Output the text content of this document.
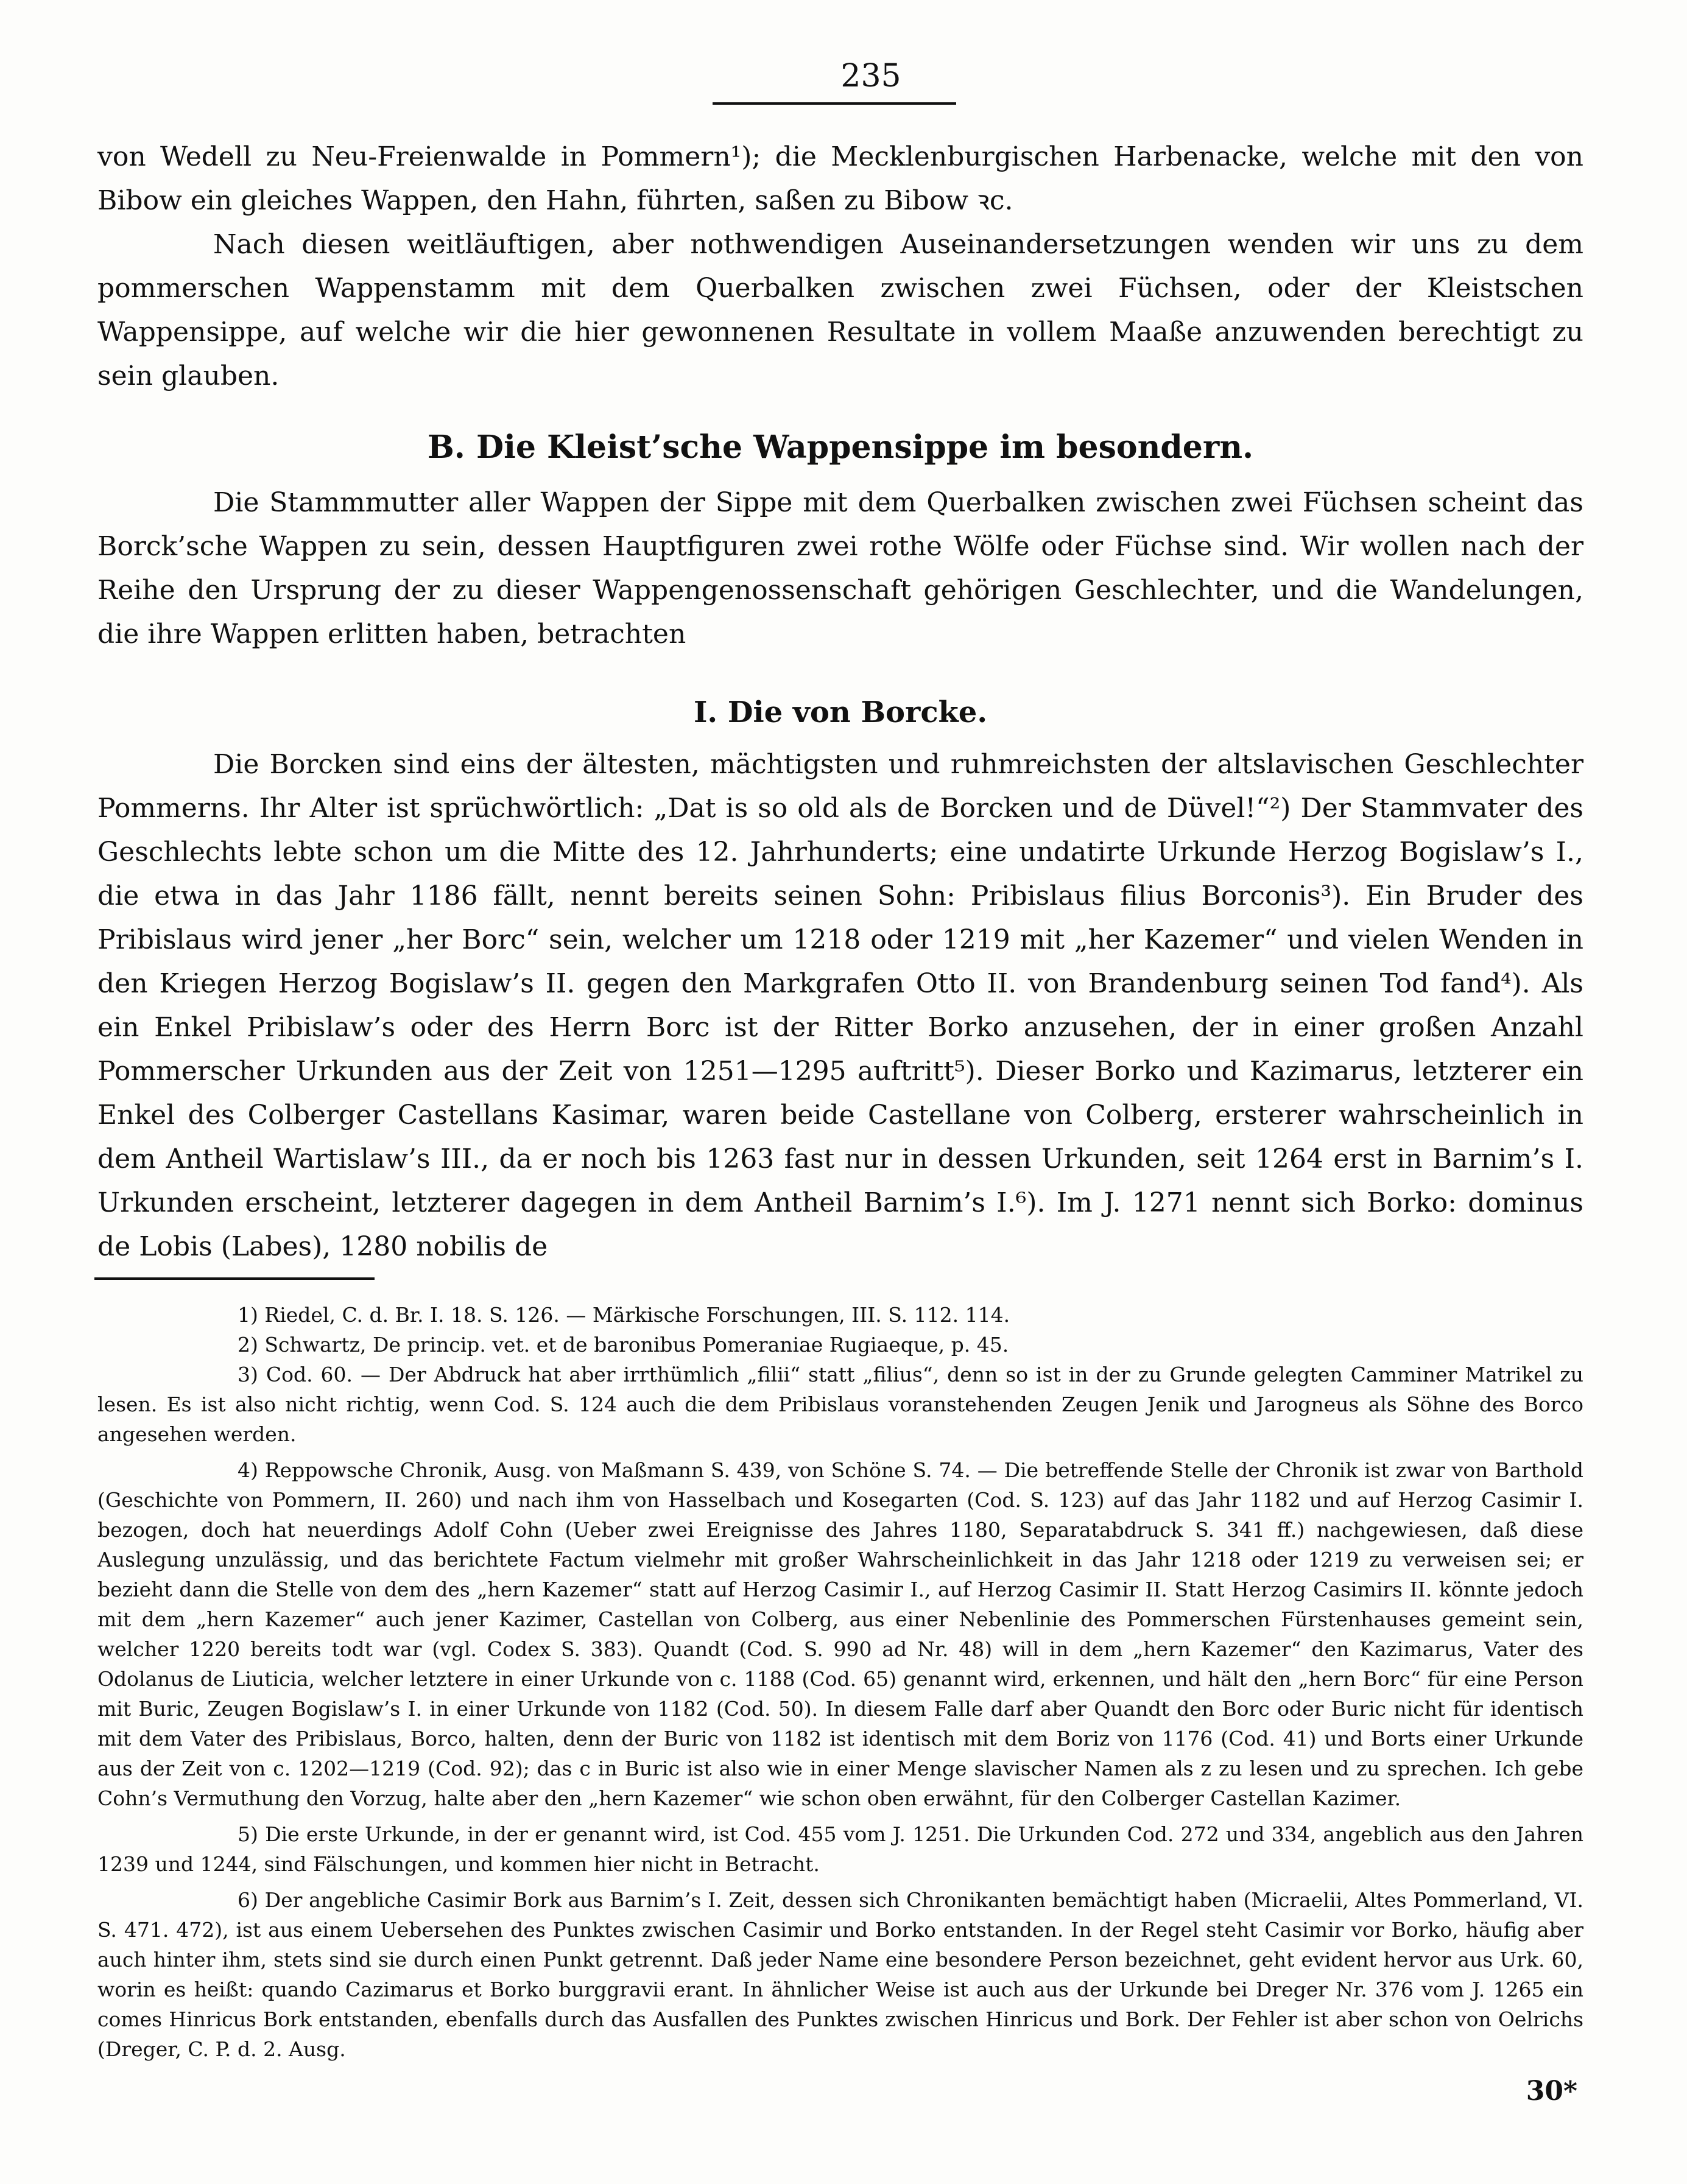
235

von Wedell zu Neu-Freienwalde in Pommern¹); die Mecklenburgischen Harbenacke, welche mit den von Bibow ein gleiches Wappen, den Hahn, führten, saßen zu Bibow ꝛc.

Nach diesen weitläuftigen, aber nothwendigen Auseinandersetzungen wenden wir uns zu dem pommerschen Wappenstamm mit dem Querbalken zwischen zwei Füchsen, oder der Kleistschen Wappensippe, auf welche wir die hier gewonnenen Resultate in vollem Maaße anzuwenden berechtigt zu sein glauben.

B. Die Kleist’sche Wappensippe im besondern.

Die Stammmutter aller Wappen der Sippe mit dem Querbalken zwischen zwei Füchsen scheint das Borck’sche Wappen zu sein, dessen Hauptfiguren zwei rothe Wölfe oder Füchse sind. Wir wollen nach der Reihe den Ursprung der zu dieser Wappengenossenschaft gehörigen Geschlechter, und die Wandelungen, die ihre Wappen erlitten haben, betrachten

I. Die von Borcke.

Die Borcken sind eins der ältesten, mächtigsten und ruhmreichsten der altslavischen Geschlechter Pommerns. Ihr Alter ist sprüchwörtlich: „Dat is so old als de Borcken und de Düvel!“²) Der Stammvater des Geschlechts lebte schon um die Mitte des 12. Jahrhunderts; eine undatirte Urkunde Herzog Bogislaw’s I., die etwa in das Jahr 1186 fällt, nennt bereits seinen Sohn: Pribislaus filius Borconis³). Ein Bruder des Pribislaus wird jener „her Borc“ sein, welcher um 1218 oder 1219 mit „her Kazemer“ und vielen Wenden in den Kriegen Herzog Bogislaw’s II. gegen den Markgrafen Otto II. von Brandenburg seinen Tod fand⁴). Als ein Enkel Pribislaw’s oder des Herrn Borc ist der Ritter Borko anzusehen, der in einer großen Anzahl Pommerscher Urkunden aus der Zeit von 1251—1295 auftritt⁵). Dieser Borko und Kazimarus, letzterer ein Enkel des Colberger Castellans Kasimar, waren beide Castellane von Colberg, ersterer wahrscheinlich in dem Antheil Wartislaw’s III., da er noch bis 1263 fast nur in dessen Urkunden, seit 1264 erst in Barnim’s I. Urkunden erscheint, letzterer dagegen in dem Antheil Barnim’s I.⁶). Im J. 1271 nennt sich Borko: dominus de Lobis (Labes), 1280 nobilis de

1) Riedel, C. d. Br. I. 18. S. 126. — Märkische Forschungen, III. S. 112. 114.

2) Schwartz, De princip. vet. et de baronibus Pomeraniae Rugiaeque, p. 45.

3) Cod. 60. — Der Abdruck hat aber irrthümlich „filii“ statt „filius“, denn so ist in der zu Grunde gelegten Camminer Matrikel zu lesen. Es ist also nicht richtig, wenn Cod. S. 124 auch die dem Pribislaus voranstehenden Zeugen Jenik und Jarogneus als Söhne des Borco angesehen werden.

4) Reppowsche Chronik, Ausg. von Maßmann S. 439, von Schöne S. 74. — Die betreffende Stelle der Chronik ist zwar von Barthold (Geschichte von Pommern, II. 260) und nach ihm von Hasselbach und Kosegarten (Cod. S. 123) auf das Jahr 1182 und auf Herzog Casimir I. bezogen, doch hat neuerdings Adolf Cohn (Ueber zwei Ereignisse des Jahres 1180, Separatabdruck S. 341 ff.) nachgewiesen, daß diese Auslegung unzulässig, und das berichtete Factum vielmehr mit großer Wahrscheinlichkeit in das Jahr 1218 oder 1219 zu verweisen sei; er bezieht dann die Stelle von dem des „hern Kazemer“ statt auf Herzog Casimir I., auf Herzog Casimir II. Statt Herzog Casimirs II. könnte jedoch mit dem „hern Kazemer“ auch jener Kazimer, Castellan von Colberg, aus einer Nebenlinie des Pommerschen Fürstenhauses gemeint sein, welcher 1220 bereits todt war (vgl. Codex S. 383). Quandt (Cod. S. 990 ad Nr. 48) will in dem „hern Kazemer“ den Kazimarus, Vater des Odolanus de Liuticia, welcher letztere in einer Urkunde von c. 1188 (Cod. 65) genannt wird, erkennen, und hält den „hern Borc“ für eine Person mit Buric, Zeugen Bogislaw’s I. in einer Urkunde von 1182 (Cod. 50). In diesem Falle darf aber Quandt den Borc oder Buric nicht für identisch mit dem Vater des Pribislaus, Borco, halten, denn der Buric von 1182 ist identisch mit dem Boriz von 1176 (Cod. 41) und Borts einer Urkunde aus der Zeit von c. 1202—1219 (Cod. 92); das c in Buric ist also wie in einer Menge slavischer Namen als z zu lesen und zu sprechen. Ich gebe Cohn’s Vermuthung den Vorzug, halte aber den „hern Kazemer“ wie schon oben erwähnt, für den Colberger Castellan Kazimer.

5) Die erste Urkunde, in der er genannt wird, ist Cod. 455 vom J. 1251. Die Urkunden Cod. 272 und 334, angeblich aus den Jahren 1239 und 1244, sind Fälschungen, und kommen hier nicht in Betracht.

6) Der angebliche Casimir Bork aus Barnim’s I. Zeit, dessen sich Chronikanten bemächtigt haben (Micraelii, Altes Pommerland, VI. S. 471. 472), ist aus einem Uebersehen des Punktes zwischen Casimir und Borko entstanden. In der Regel steht Casimir vor Borko, häufig aber auch hinter ihm, stets sind sie durch einen Punkt getrennt. Daß jeder Name eine besondere Person bezeichnet, geht evident hervor aus Urk. 60, worin es heißt: quando Cazimarus et Borko burggravii erant. In ähnlicher Weise ist auch aus der Urkunde bei Dreger Nr. 376 vom J. 1265 ein comes Hinricus Bork entstanden, ebenfalls durch das Ausfallen des Punktes zwischen Hinricus und Bork. Der Fehler ist aber schon von Oelrichs (Dreger, C. P. d. 2. Ausg.

30*
